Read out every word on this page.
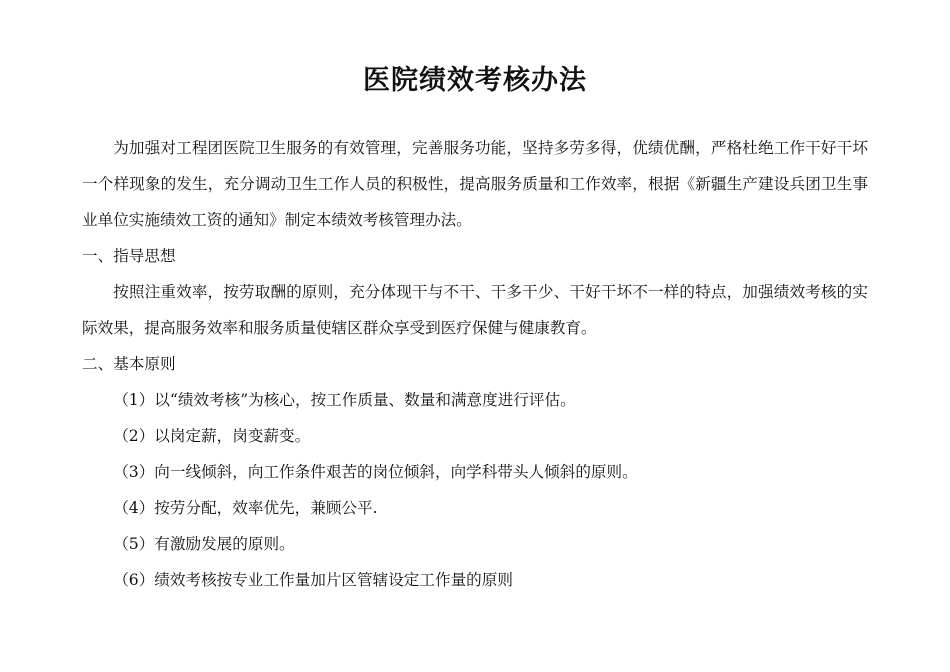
医院绩效考核办法

为加强对工程团医院卫生服务的有效管理，完善服务功能，坚持多劳多得，优绩优酬，严格杜绝工作干好干坏一个样现象的发生，充分调动卫生工作人员的积极性，提高服务质量和工作效率，根据《新疆生产建设兵团卫生事业单位实施绩效工资的通知》制定本绩效考核管理办法。

一、指导思想

按照注重效率，按劳取酬的原则，充分体现干与不干、干多干少、干好干坏不一样的特点，加强绩效考核的实际效果，提高服务效率和服务质量使辖区群众享受到医疗保健与健康教育。

二、基本原则

（1）以“绩效考核”为核心，按工作质量、数量和满意度进行评估。

（2）以岗定薪，岗变薪变。

（3）向一线倾斜，向工作条件艰苦的岗位倾斜，向学科带头人倾斜的原则。

（4）按劳分配，效率优先，兼顾公平.

（5）有激励发展的原则。

（6）绩效考核按专业工作量加片区管辖设定工作量的原则
